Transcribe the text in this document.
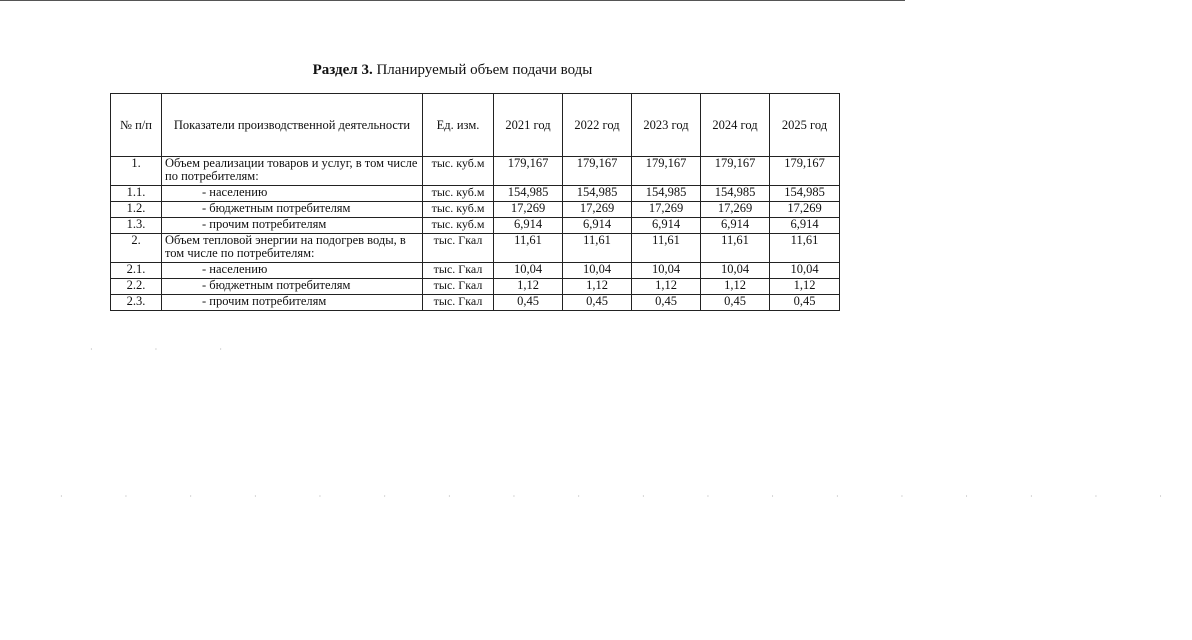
Раздел 3. Планируемый объем подачи воды
№ п/п	Показатели производственной деятельности	Ед. изм.	2021 год	2022 год	2023 год	2024 год	2025 год
1.	Объем реализации товаров и услуг, в том числе по потребителям:	тыс. куб.м	179,167	179,167	179,167	179,167	179,167
1.1.	- населению	тыс. куб.м	154,985	154,985	154,985	154,985	154,985
1.2.	- бюджетным потребителям	тыс. куб.м	17,269	17,269	17,269	17,269	17,269
1.3.	- прочим потребителям	тыс. куб.м	6,914	6,914	6,914	6,914	6,914
2.	Объем тепловой энергии на подогрев воды, в том числе по потребителям:	тыс. Гкал	11,61	11,61	11,61	11,61	11,61
2.1.	- населению	тыс. Гкал	10,04	10,04	10,04	10,04	10,04
2.2.	- бюджетным потребителям	тыс. Гкал	1,12	1,12	1,12	1,12	1,12
2.3.	- прочим потребителям	тыс. Гкал	0,45	0,45	0,45	0,45	0,45
· · ·
· · · · · · · · · · · · · · · · · ·
